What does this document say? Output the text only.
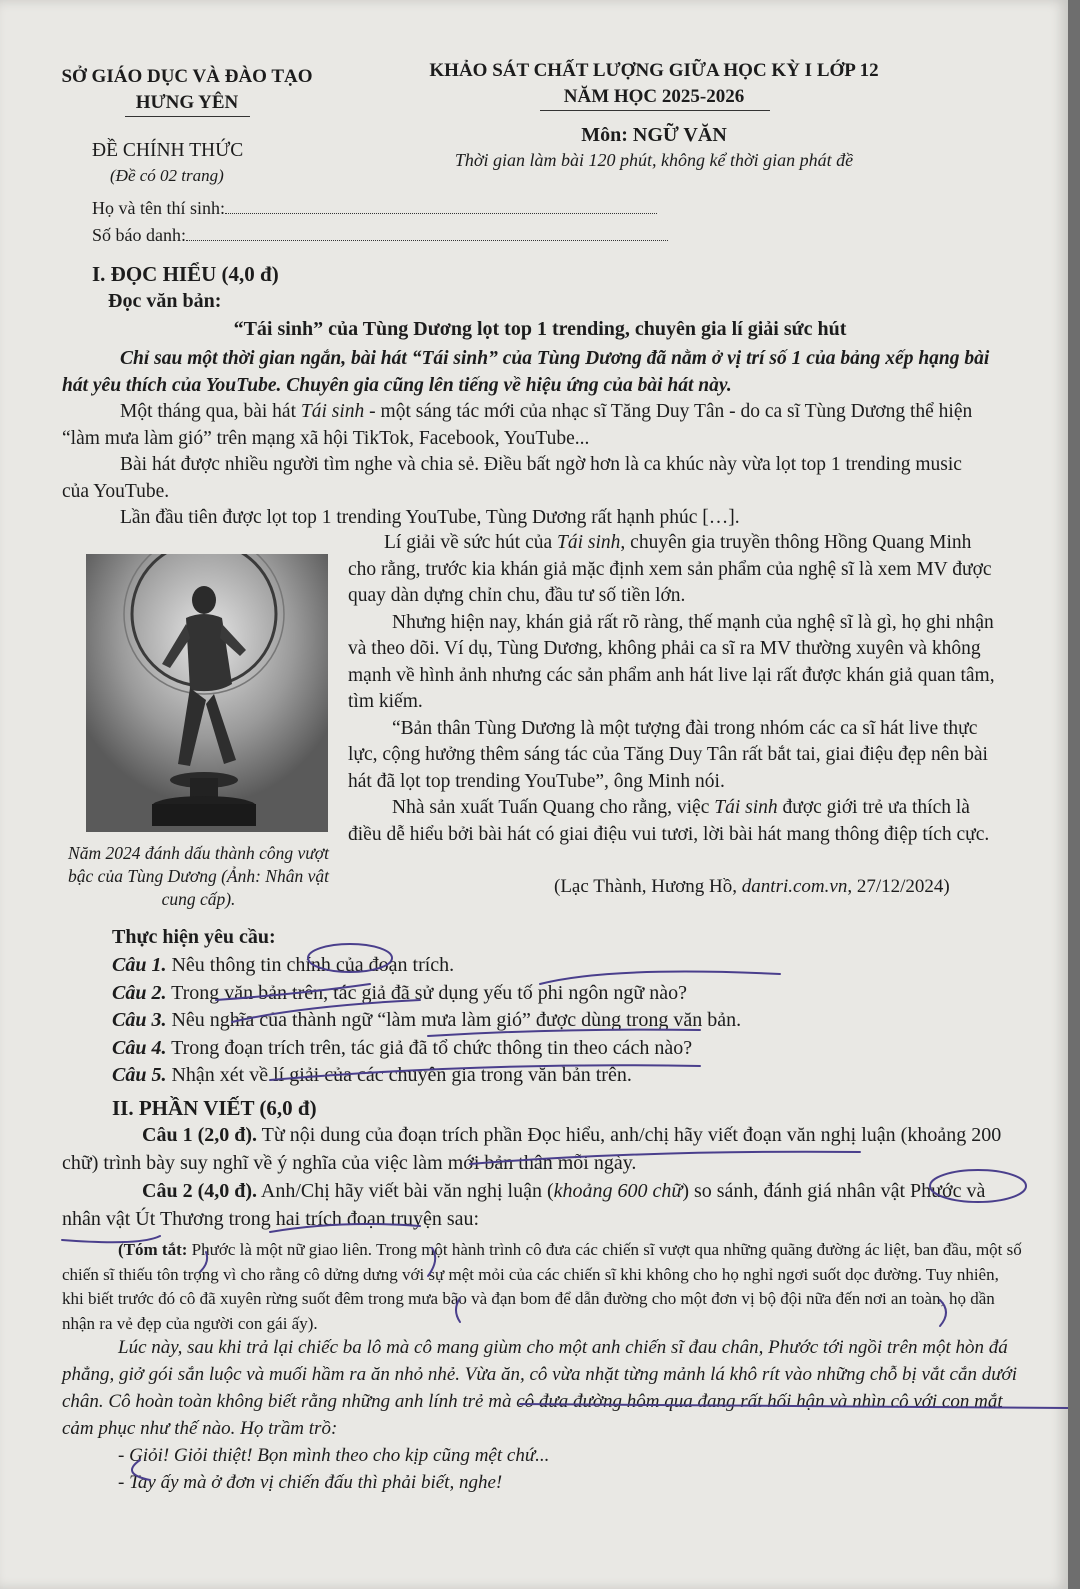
SỞ GIÁO DỤC VÀ ĐÀO TẠO
HƯNG YÊN
ĐỀ CHÍNH THỨC
(Đề có 02 trang)
KHẢO SÁT CHẤT LƯỢNG GIỮA HỌC KỲ I LỚP 12
NĂM HỌC 2025-2026
Môn: NGỮ VĂN
Thời gian làm bài 120 phút, không kể thời gian phát đề
Họ và tên thí sinh:
Số báo danh:
I. ĐỌC HIỂU (4,0 đ)
Đọc văn bản:
“Tái sinh” của Tùng Dương lọt top 1 trending, chuyên gia lí giải sức hút

Chỉ sau một thời gian ngắn, bài hát “Tái sinh” của Tùng Dương đã nằm ở vị trí số 1 của bảng xếp hạng bài hát yêu thích của YouTube. Chuyên gia cũng lên tiếng về hiệu ứng của bài hát này.

Một tháng qua, bài hát Tái sinh - một sáng tác mới của nhạc sĩ Tăng Duy Tân - do ca sĩ Tùng Dương thể hiện “làm mưa làm gió” trên mạng xã hội TikTok, Facebook, YouTube...

Bài hát được nhiều người tìm nghe và chia sẻ. Điều bất ngờ hơn là ca khúc này vừa lọt top 1 trending music của YouTube.

Lần đầu tiên được lọt top 1 trending YouTube, Tùng Dương rất hạnh phúc […].

Năm 2024 đánh dấu thành công vượt bậc của Tùng Dương (Ảnh: Nhân vật cung cấp).

Lí giải về sức hút của Tái sinh, chuyên gia truyền thông Hồng Quang Minh cho rằng, trước kia khán giả mặc định xem sản phẩm của nghệ sĩ là xem MV được quay dàn dựng chỉn chu, đầu tư số tiền lớn.

Nhưng hiện nay, khán giả rất rõ ràng, thế mạnh của nghệ sĩ là gì, họ ghi nhận và theo dõi. Ví dụ, Tùng Dương, không phải ca sĩ ra MV thường xuyên và không mạnh về hình ảnh nhưng các sản phẩm anh hát live lại rất được khán giả quan tâm, tìm kiếm.

“Bản thân Tùng Dương là một tượng đài trong nhóm các ca sĩ hát live thực lực, cộng hưởng thêm sáng tác của Tăng Duy Tân rất bắt tai, giai điệu đẹp nên bài hát đã lọt top trending YouTube”, ông Minh nói.

Nhà sản xuất Tuấn Quang cho rằng, việc Tái sinh được giới trẻ ưa thích là điều dễ hiểu bởi bài hát có giai điệu vui tươi, lời bài hát mang thông điệp tích cực.

(Lạc Thành, Hương Hồ, dantri.com.vn, 27/12/2024)
Thực hiện yêu cầu:

Câu 1. Nêu thông tin chính của đoạn trích.

Câu 2. Trong văn bản trên, tác giả đã sử dụng yếu tố phi ngôn ngữ nào?

Câu 3. Nêu nghĩa của thành ngữ “làm mưa làm gió” được dùng trong văn bản.

Câu 4. Trong đoạn trích trên, tác giả đã tổ chức thông tin theo cách nào?

Câu 5. Nhận xét về lí giải của các chuyên gia trong văn bản trên.

II. PHẦN VIẾT (6,0 đ)

Câu 1 (2,0 đ). Từ nội dung của đoạn trích phần Đọc hiểu, anh/chị hãy viết đoạn văn nghị luận (khoảng 200 chữ) trình bày suy nghĩ về ý nghĩa của việc làm mới bản thân mỗi ngày.

Câu 2 (4,0 đ). Anh/Chị hãy viết bài văn nghị luận (khoảng 600 chữ) so sánh, đánh giá nhân vật Phước và nhân vật Út Thương trong hai trích đoạn truyện sau:

(Tóm tắt: Phước là một nữ giao liên. Trong một hành trình cô đưa các chiến sĩ vượt qua những quãng đường ác liệt, ban đầu, một số chiến sĩ thiếu tôn trọng vì cho rằng cô dửng dưng với sự mệt mỏi của các chiến sĩ khi không cho họ nghỉ ngơi suốt dọc đường. Tuy nhiên, khi biết trước đó cô đã xuyên rừng suốt đêm trong mưa bão và đạn bom để dẫn đường cho một đơn vị bộ đội nữa đến nơi an toàn, họ dần nhận ra vẻ đẹp của người con gái ấy).

Lúc này, sau khi trả lại chiếc ba lô mà cô mang giùm cho một anh chiến sĩ đau chân, Phước tới ngồi trên một hòn đá phẳng, giở gói sắn luộc và muối hầm ra ăn nhỏ nhẻ. Vừa ăn, cô vừa nhặt từng mảnh lá khô rít vào những chỗ bị vắt cắn dưới chân. Cô hoàn toàn không biết rằng những anh lính trẻ mà cô đưa đường hôm qua đang rất hối hận và nhìn cô với con mắt cảm phục như thế nào. Họ trầm trồ:

- Giỏi! Giỏi thiệt! Bọn mình theo cho kịp cũng mệt chứ...

- Tay ấy mà ở đơn vị chiến đấu thì phải biết, nghe!
